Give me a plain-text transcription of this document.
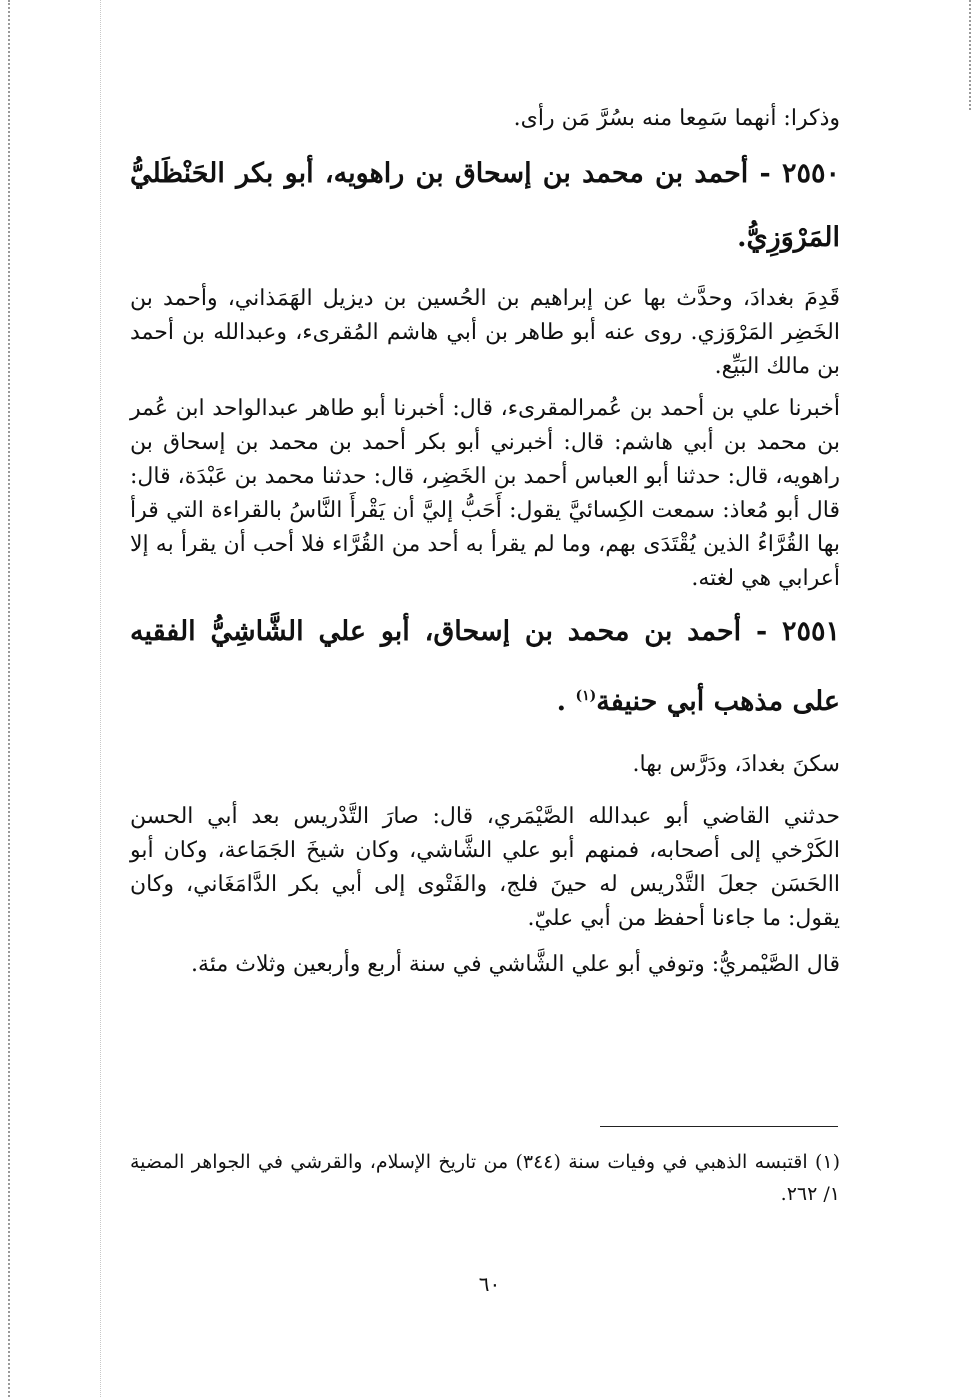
وذكرا: أنهما سَمِعا منه بسُرَّ مَن رأى.

٢٥٥٠ - أحمد بن محمد بن إسحاق بن راهويه، أبو بكر الحَنْظَليُّ المَرْوَزِيُّ.

قَدِمَ بغدادَ، وحدَّث بها عن إبراهيم بن الحُسين بن ديزيل الهَمَذاني، وأحمد بن الخَضِر المَرْوَزي. روى عنه أبو طاهر بن أبي هاشم المُقرىء، وعبدالله بن أحمد بن مالك البَيِّع.

أخبرنا علي بن أحمد بن عُمرالمقرىء، قال: أخبرنا أبو طاهر عبدالواحد ابن عُمر بن محمد بن أبي هاشم: قال: أخبرني أبو بكر أحمد بن محمد بن إسحاق بن راهويه، قال: حدثنا أبو العباس أحمد بن الخَضِر، قال: حدثنا محمد بن عَبْدَة، قال: قال أبو مُعاذ: سمعت الكِسائيَّ يقول: أَحَبُّ إليَّ أن يَقْرأَ النَّاسُ بالقراءة التي قرأ بها القُرَّاءُ الذين يُقْتَدَى بهم، وما لم يقرأ به أحد من القُرَّاء فلا أحب أن يقرأ به إلا أعرابي هي لغته.

٢٥٥١ - أحمد بن محمد بن إسحاق، أبو علي الشَّاشِيُّ الفقيه على مذهب أبي حنيفة$^{(١)}$ .

سكنَ بغدادَ، ودَرَّس بها.

حدثني القاضي أبو عبدالله الصَّيْمَري، قال: صارَ التَّدْريس بعد أبي الحسن الكَرْخي إلى أصحابه، فمنهم أبو علي الشَّاشي، وكان شيخَ الجَمَاعة، وكان أبو االحَسَن جعلَ التَّدْريس له حينَ فلج، والفَتْوى إلى أبي بكر الدَّامَغَاني، وكان يقول: ما جاءنا أحفظ من أبي عليّ.

قال الصَّيْمريُّ: وتوفي أبو علي الشَّاشي في سنة أربع وأربعين وثلاث مئة.

(١) اقتبسه الذهبي في وفيات سنة (٣٤٤) من تاريخ الإسلام، والقرشي في الجواهر المضية ١/ ٢٦٢.

٦٠
